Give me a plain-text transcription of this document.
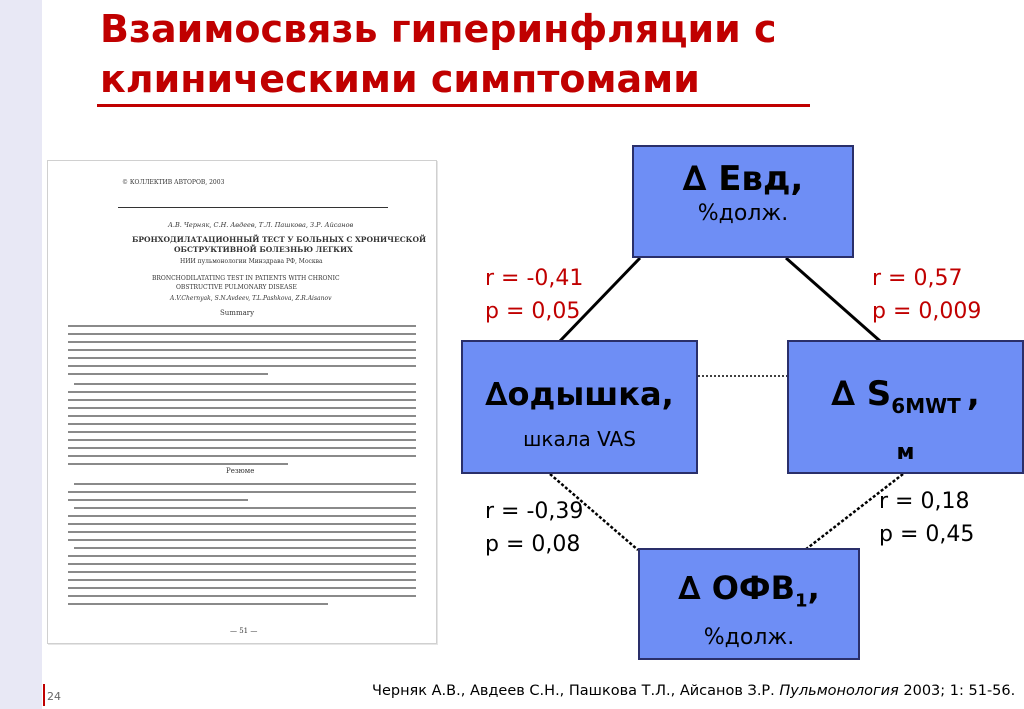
Взаимосвязь гиперинфляции с
клиническими симптомами
© КОЛЛЕКТИВ АВТОРОВ, 2003
А.В. Черняк, С.Н. Авдеев, Т.Л. Пашкова, З.Р. Айсанов
БРОНХОДИЛАТАЦИОННЫЙ ТЕСТ У БОЛЬНЫХ С ХРОНИЧЕСКОЙ
ОБСТРУКТИВНОЙ БОЛЕЗНЬЮ ЛЕГКИХ
НИИ пульмонологии Минздрава РФ, Москва
BRONCHODILATATING TEST IN PATIENTS WITH CHRONIC
OBSTRUCTIVE PULMONARY DISEASE
A.V.Chernyak, S.N.Avdeev, T.L.Pashkova, Z.R.Aisanov
Summary
Резюме
— 51 —
∆ Евд,
%долж.
∆одышка,
шкала VAS
∆ $S_{6MWT}$ ,
м
∆ $ОФВ_1$,
%долж.
r = -0,41
p = 0,05
r = 0,57
p = 0,009
r = -0,39
p = 0,08
r = 0,18
p = 0,45
24	Черняк А.В., Авдеев С.Н., Пашкова Т.Л., Айсанов З.Р. Пульмонология 2003; 1: 51-56.
